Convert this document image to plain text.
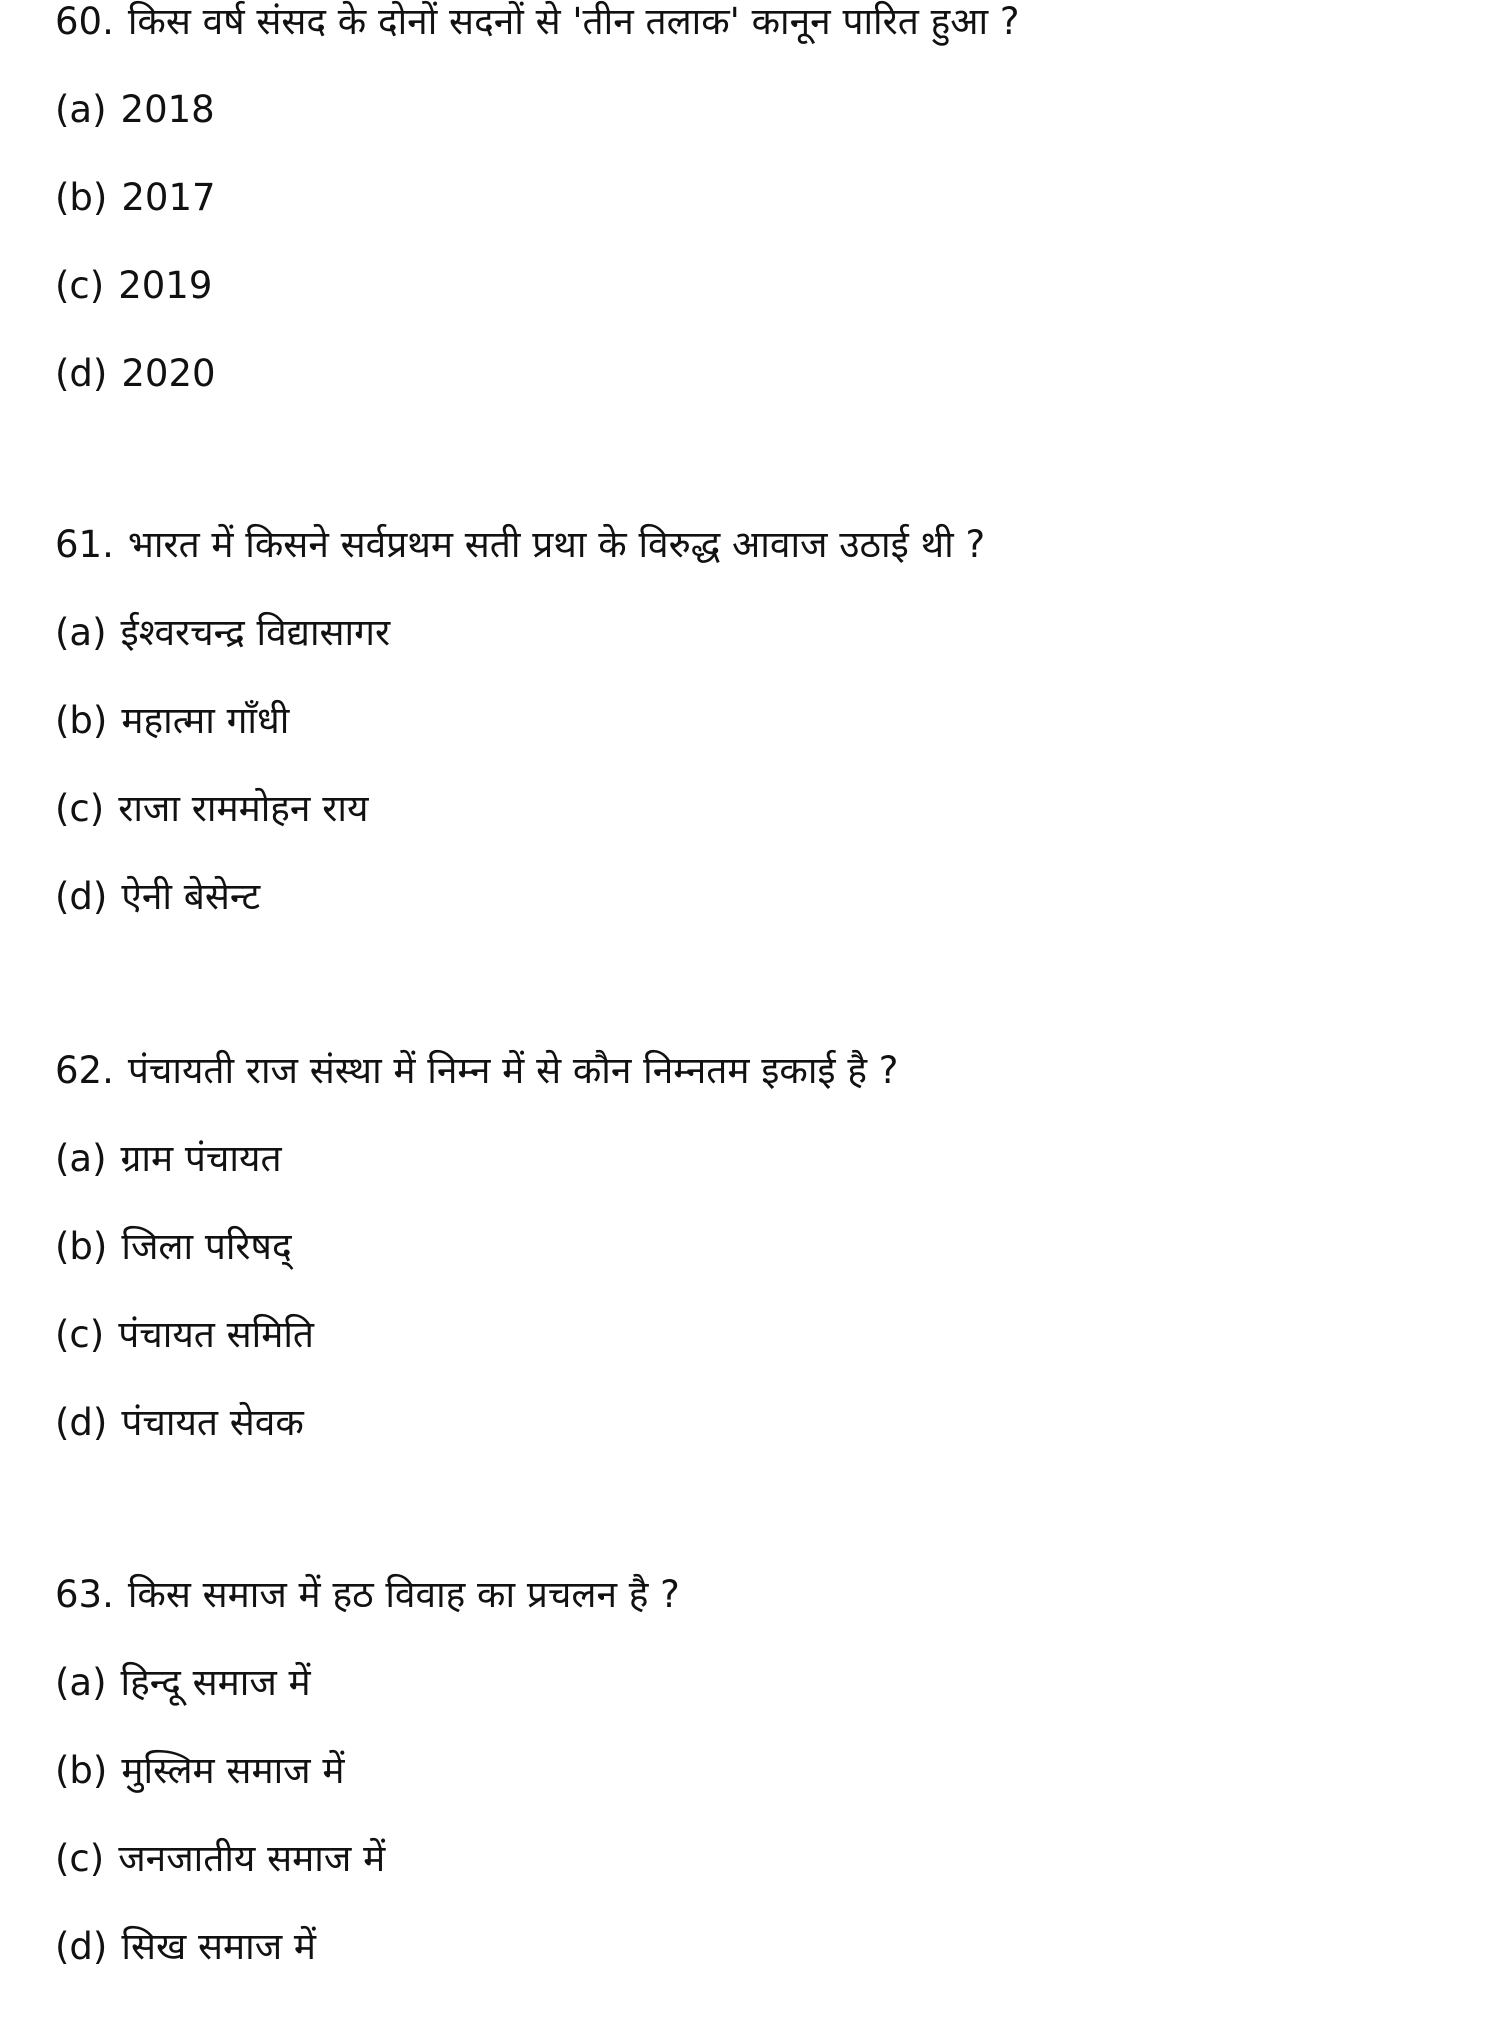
60. किस वर्ष संसद के दोनों सदनों से 'तीन तलाक' कानून पारित हुआ ?
(a) 2018
(b) 2017
(c) 2019
(d) 2020
61. भारत में किसने सर्वप्रथम सती प्रथा के विरुद्ध आवाज उठाई थी ?
(a) ईश्वरचन्द्र विद्यासागर
(b) महात्मा गाँधी
(c) राजा राममोहन राय
(d) ऐनी बेसेन्ट
62. पंचायती राज संस्था में निम्न में से कौन निम्नतम इकाई है ?
(a) ग्राम पंचायत
(b) जिला परिषद्
(c) पंचायत समिति
(d) पंचायत सेवक
63. किस समाज में हठ विवाह का प्रचलन है ?
(a) हिन्दू समाज में
(b) मुस्लिम समाज में
(c) जनजातीय समाज में
(d) सिख समाज में
